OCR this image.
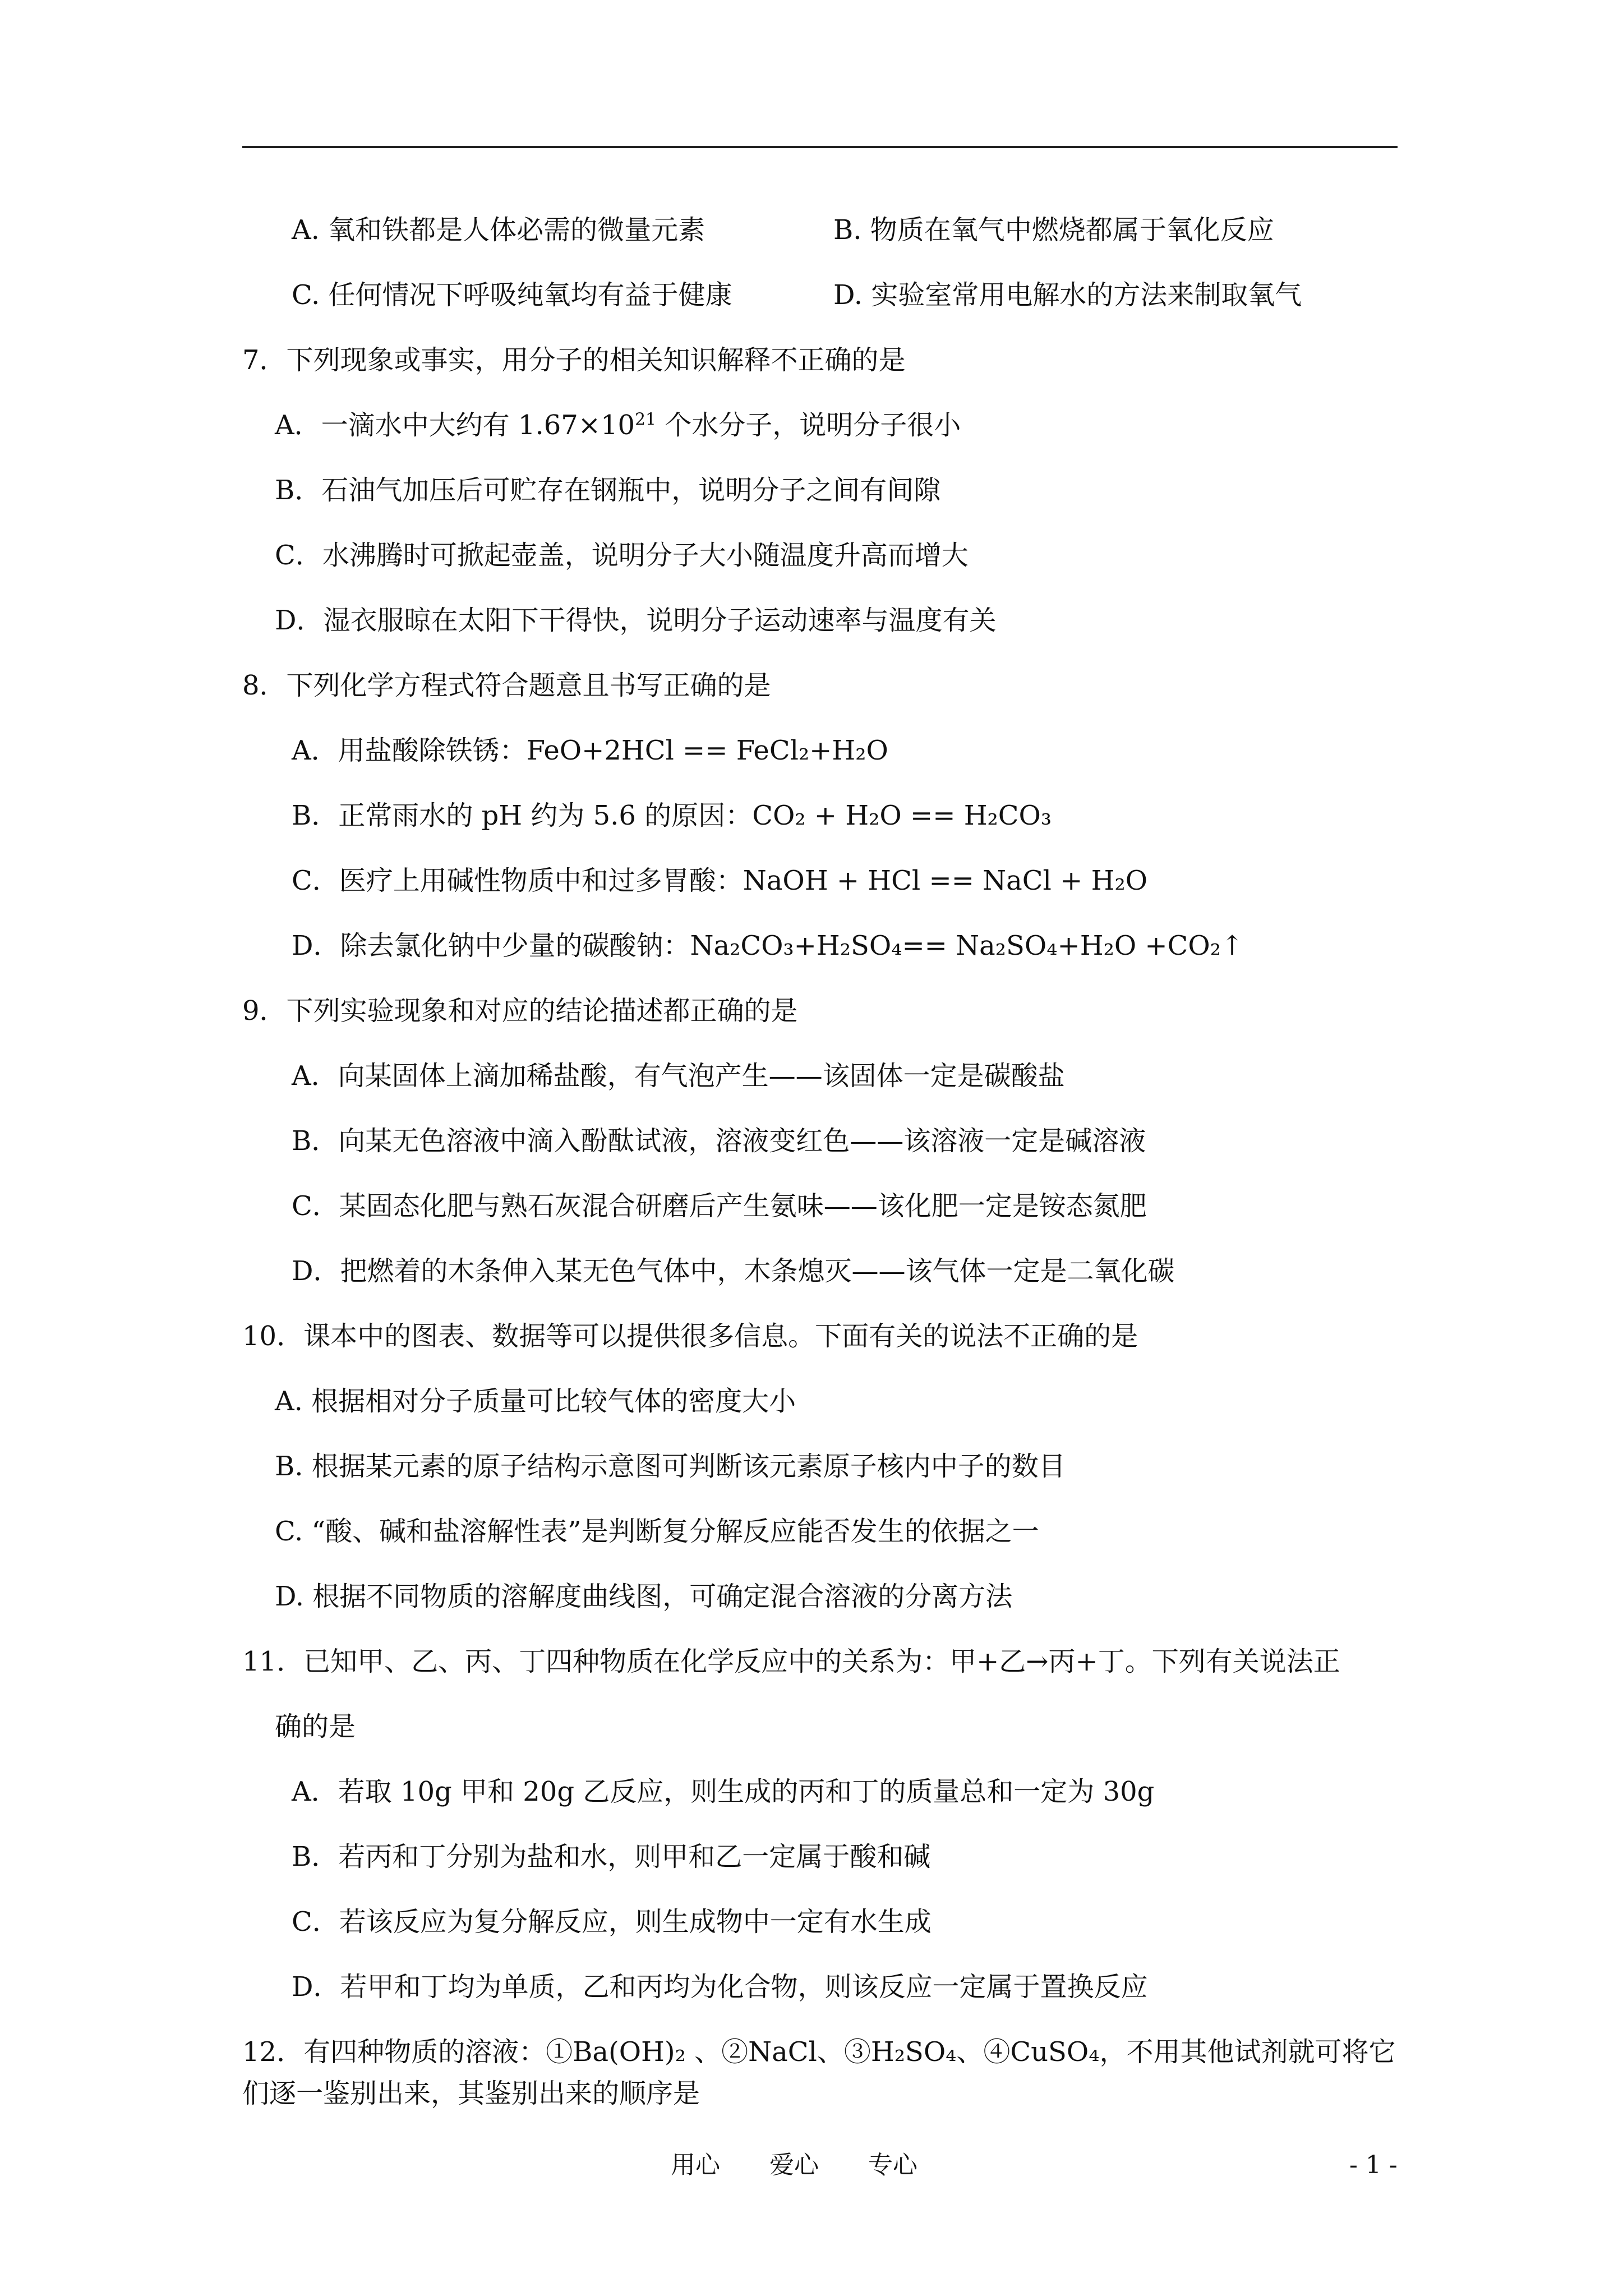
A. 氧和铁都是人体必需的微量元素	B. 物质在氧气中燃烧都属于氧化反应
C. 任何情况下呼吸纯氧均有益于健康	D. 实验室常用电解水的方法来制取氧气
7．下列现象或事实，用分子的相关知识解释不正确的是
A．一滴水中大约有 $1.67\times 10^{21}$ 个水分子，说明分子很小
B．石油气加压后可贮存在钢瓶中，说明分子之间有间隙
C．水沸腾时可掀起壶盖，说明分子大小随温度升高而增大
D．湿衣服晾在太阳下干得快，说明分子运动速率与温度有关
8．下列化学方程式符合题意且书写正确的是
A．用盐酸除铁锈：FeO+2HCl == FeCl₂+H₂O
B．正常雨水的 pH 约为 5.6 的原因：CO₂ + H₂O == H₂CO₃
C．医疗上用碱性物质中和过多胃酸：NaOH + HCl == NaCl + H₂O
D．除去氯化钠中少量的碳酸钠：Na₂CO₃+H₂SO₄== Na₂SO₄+H₂O +CO₂↑
9．下列实验现象和对应的结论描述都正确的是
A．向某固体上滴加稀盐酸，有气泡产生——该固体一定是碳酸盐
B．向某无色溶液中滴入酚酞试液，溶液变红色——该溶液一定是碱溶液
C．某固态化肥与熟石灰混合研磨后产生氨味——该化肥一定是铵态氮肥
D．把燃着的木条伸入某无色气体中，木条熄灭——该气体一定是二氧化碳
10．课本中的图表、数据等可以提供很多信息。下面有关的说法不正确的是
A. 根据相对分子质量可比较气体的密度大小
B. 根据某元素的原子结构示意图可判断该元素原子核内中子的数目
C. “酸、碱和盐溶解性表”是判断复分解反应能否发生的依据之一
D. 根据不同物质的溶解度曲线图，可确定混合溶液的分离方法
11．已知甲、乙、丙、丁四种物质在化学反应中的关系为：甲+乙→丙+丁。下列有关说法正
确的是
A．若取 10g 甲和 20g 乙反应，则生成的丙和丁的质量总和一定为 30g
B．若丙和丁分别为盐和水，则甲和乙一定属于酸和碱
C．若该反应为复分解反应，则生成物中一定有水生成
D．若甲和丁均为单质，乙和丙均为化合物，则该反应一定属于置换反应
12．有四种物质的溶液：①Ba(OH)₂ 、②NaCl、③H₂SO₄、④CuSO₄，不用其他试剂就可将它
们逐一鉴别出来，其鉴别出来的顺序是
用心　　爱心　　专心	- 1 -
